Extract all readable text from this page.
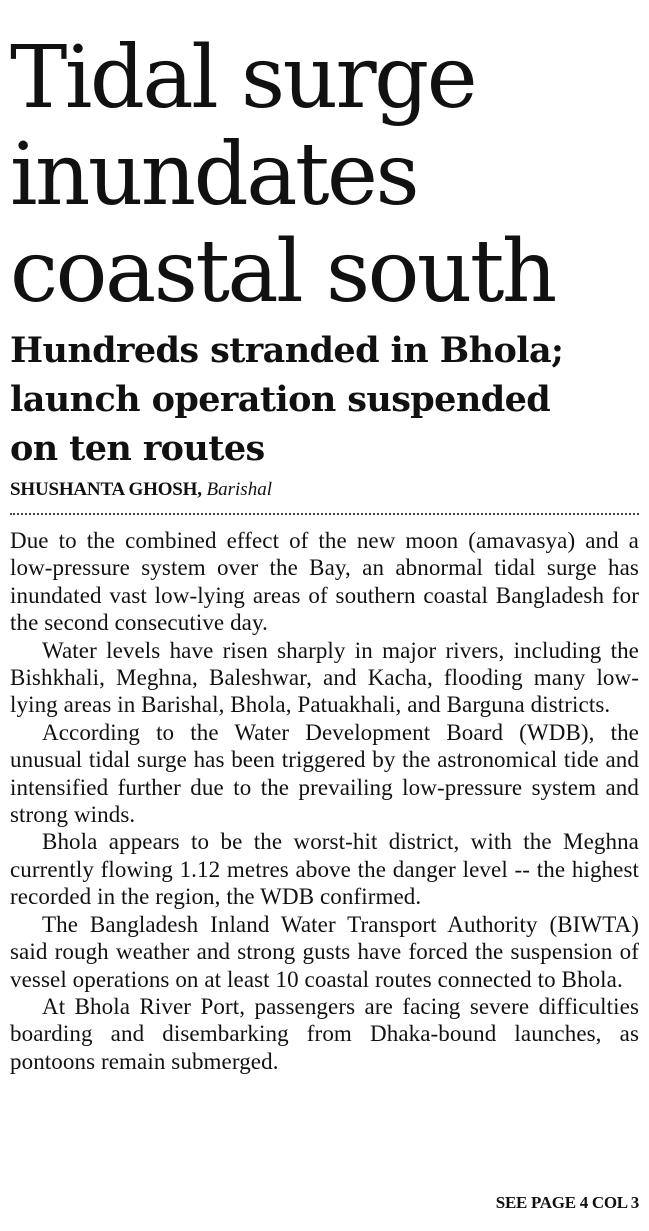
Tidal surge
inundates
coastal south
Hundreds stranded in Bhola;
launch operation suspended
on ten routes
SHUSHANTA GHOSH, Barishal

Due to the combined effect of the new moon (amavasya) and a low-pressure system over the Bay, an abnormal tidal surge has inundated vast low-lying areas of southern coastal Bangladesh for the second consecutive day.

Water levels have risen sharply in major rivers, including the Bishkhali, Meghna, Baleshwar, and Kacha, flooding many low-lying areas in Barishal, Bhola, Patuakhali, and Barguna districts.

According to the Water Development Board (WDB), the unusual tidal surge has been triggered by the astronomical tide and intensified further due to the prevailing low-pressure system and strong winds.

Bhola appears to be the worst-hit district, with the Meghna currently flowing 1.12 metres above the danger level -- the highest recorded in the region, the WDB confirmed.

The Bangladesh Inland Water Transport Authority (BIWTA) said rough weather and strong gusts have forced the suspension of vessel operations on at least 10 coastal routes connected to Bhola.

At Bhola River Port, passengers are facing severe difficulties boarding and disembarking from Dhaka-bound launches, as pontoons remain submerged.

SEE PAGE 4 COL 3
